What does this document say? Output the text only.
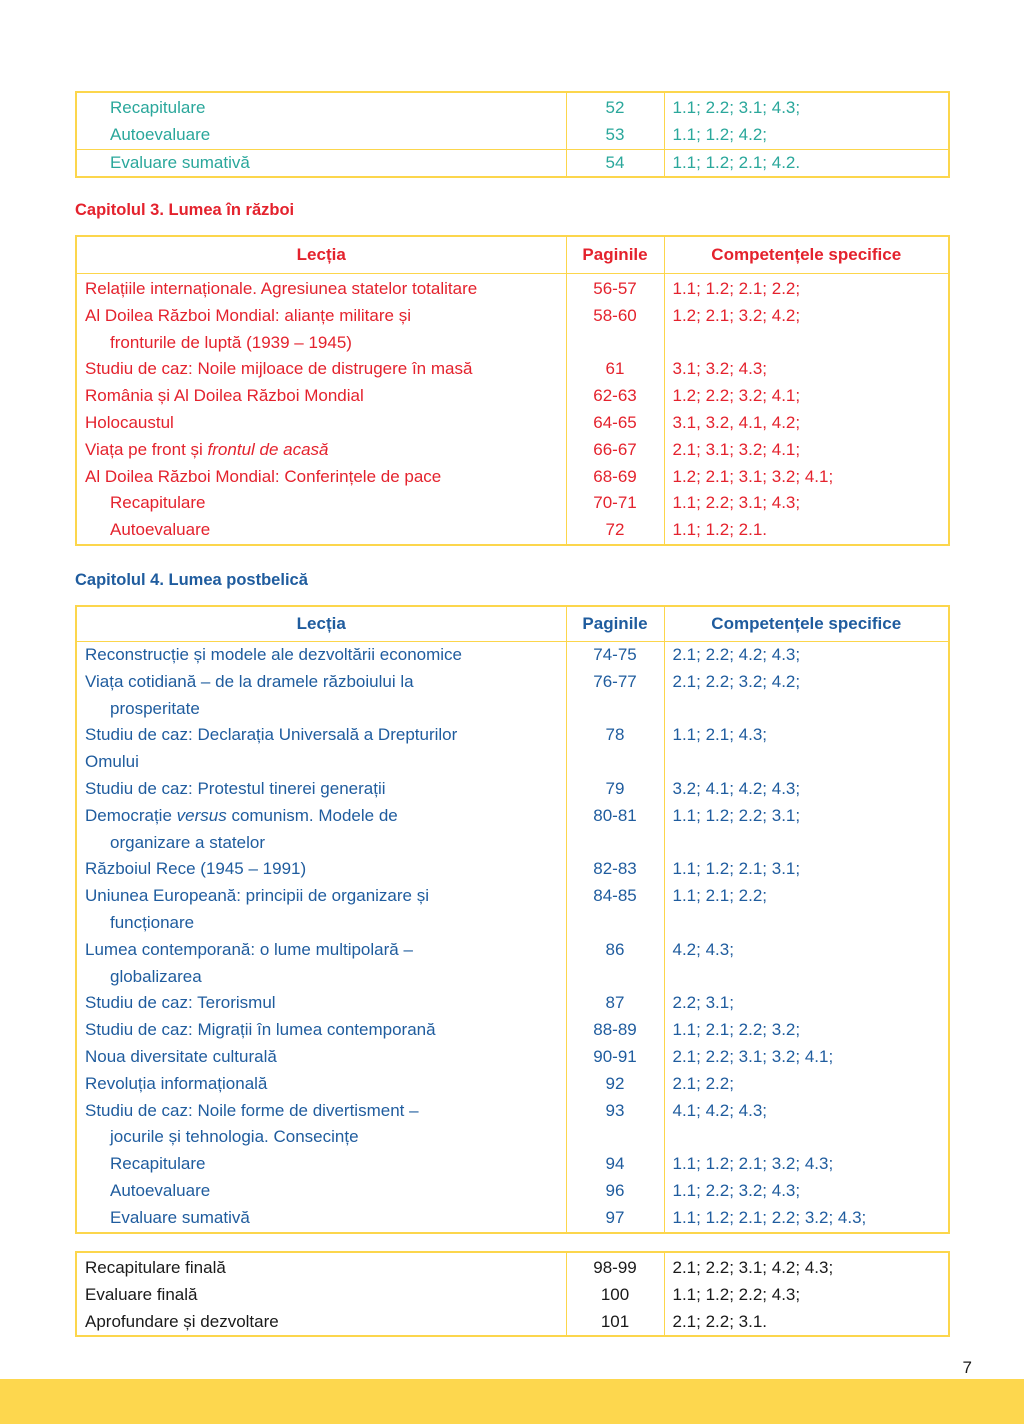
Recapitulare	52	1.1; 2.2; 3.1; 4.3;
Autoevaluare	53	1.1; 1.2; 4.2;
Evaluare sumativă	54	1.1; 1.2; 2.1; 4.2.
Capitolul 3. Lumea în război
Lecția	Paginile	Competențele specifice
Relațiile internaționale. Agresiunea statelor totalitare	56-57	1.1; 1.2; 2.1; 2.2;
Al Doilea Război Mondial: alianțe militare și	58-60	1.2; 2.1; 3.2; 4.2;
fronturile de luptă (1939 – 1945)		
Studiu de caz: Noile mijloace de distrugere în masă	61	3.1; 3.2; 4.3;
România și Al Doilea Război Mondial	62-63	1.2; 2.2; 3.2; 4.1;
Holocaustul	64-65	3.1, 3.2, 4.1, 4.2;
Viața pe front și frontul de acasă	66-67	2.1; 3.1; 3.2; 4.1;
Al Doilea Război Mondial: Conferințele de pace	68-69	1.2; 2.1; 3.1; 3.2; 4.1;
Recapitulare	70-71	1.1; 2.2; 3.1; 4.3;
Autoevaluare	72	1.1; 1.2; 2.1.
Capitolul 4. Lumea postbelică
Lecția	Paginile	Competențele specifice
Reconstrucție și modele ale dezvoltării economice	74-75	2.1; 2.2; 4.2; 4.3;
Viața cotidiană – de la dramele războiului la	76-77	2.1; 2.2; 3.2; 4.2;
prosperitate		
Studiu de caz: Declarația Universală a Drepturilor	78	1.1; 2.1; 4.3;
Omului		
Studiu de caz: Protestul tinerei generații	79	3.2; 4.1; 4.2; 4.3;
Democrație versus comunism. Modele de	80-81	1.1; 1.2; 2.2; 3.1;
organizare a statelor		
Războiul Rece (1945 – 1991)	82-83	1.1; 1.2; 2.1; 3.1;
Uniunea Europeană: principii de organizare și	84-85	1.1; 2.1; 2.2;
funcționare		
Lumea contemporană: o lume multipolară –	86	4.2; 4.3;
globalizarea		
Studiu de caz: Terorismul	87	2.2; 3.1;
Studiu de caz: Migrații în lumea contemporană	88-89	1.1; 2.1; 2.2; 3.2;
Noua diversitate culturală	90-91	2.1; 2.2; 3.1; 3.2; 4.1;
Revoluția informațională	92	2.1; 2.2;
Studiu de caz: Noile forme de divertisment –	93	4.1; 4.2; 4.3;
jocurile și tehnologia. Consecințe		
Recapitulare	94	1.1; 1.2; 2.1; 3.2; 4.3;
Autoevaluare	96	1.1; 2.2; 3.2; 4.3;
Evaluare sumativă	97	1.1; 1.2; 2.1; 2.2; 3.2; 4.3;
Recapitulare finală	98-99	2.1; 2.2; 3.1; 4.2; 4.3;
Evaluare finală	100	1.1; 1.2; 2.2; 4.3;
Aprofundare și dezvoltare	101	2.1; 2.2; 3.1.
7
